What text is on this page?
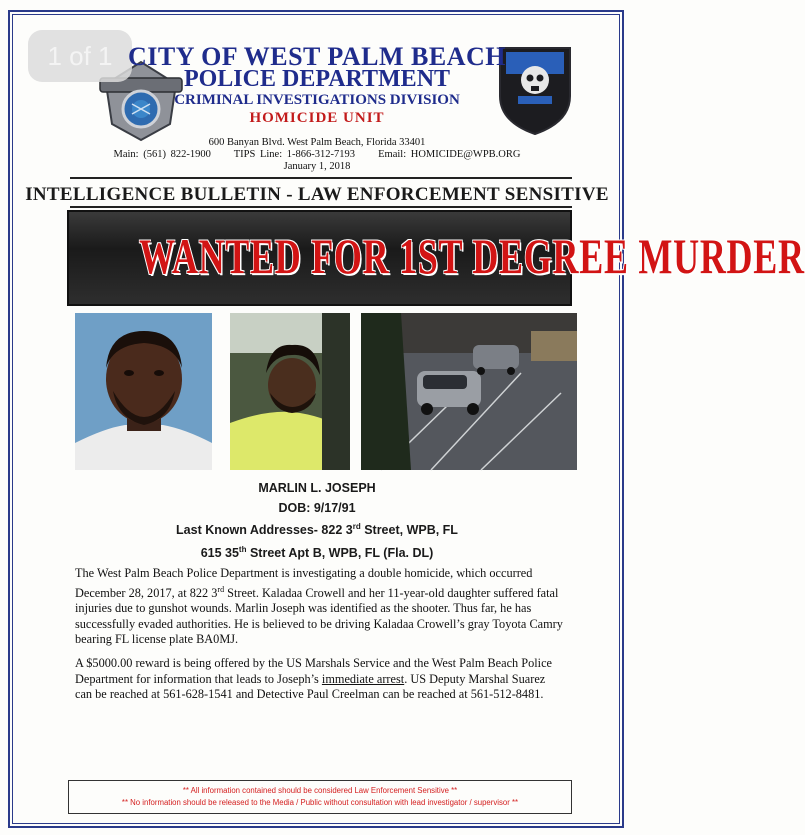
1 of 1 CITY OF WEST PALM BEACH
POLICE DEPARTMENT
CRIMINAL INVESTIGATIONS DIVISION
HOMICIDE UNIT
600 Banyan Blvd. West Palm Beach, Florida 33401
Main: (561) 822-1900 TIPS Line: 1-866-312-7193 Email: HOMICIDE@WPB.ORG
January 1, 2018
INTELLIGENCE BULLETIN - LAW ENFORCEMENT SENSITIVE
WANTED FOR 1ST DEGREE MURDER
MARLIN L. JOSEPH
DOB: 9/17/91
Last Known Addresses- 822 3rd Street, WPB, FL
615 35th Street Apt B, WPB, FL (Fla. DL)

The West Palm Beach Police Department is investigating a double homicide, which occurred December 28, 2017, at 822 3rd Street. Kaladaa Crowell and her 11-year-old daughter suffered fatal injuries due to gunshot wounds. Marlin Joseph was identified as the shooter. Thus far, he has successfully evaded authorities. He is believed to be driving Kaladaa Crowell’s gray Toyota Camry bearing FL license plate BA0MJ.

A $5000.00 reward is being offered by the US Marshals Service and the West Palm Beach Police Department for information that leads to Joseph’s immediate arrest. US Deputy Marshal Suarez can be reached at 561-628-1541 and Detective Paul Creelman can be reached at 561-512-8481.

** All information contained should be considered Law Enforcement Sensitive **
** No information should be released to the Media / Public without consultation with lead investigator / supervisor **
